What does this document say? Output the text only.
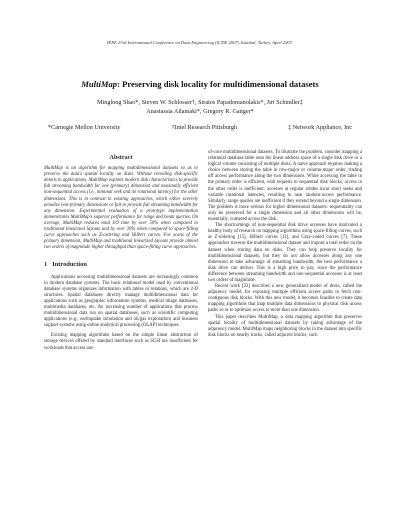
IEEE 23rd International Conference on Data Engineering (ICDE 2007) Istanbul, Turkey, April 2007.
MultiMap: Preserving disk locality for multidimensional datasets
Minglong Shao*, Steven W. Schlosser†, Stratos Papadomanolakis*, Jiri Schindler‡
Anastassia Ailamaki*, Gregory R. Ganger*
*Carnegie Mellon University	†Intel Research Pittsburgh	‡ Network Appliance, Inc
Abstract

MultiMap is an algorithm for mapping multidimensional datasets so as to preserve the data's spatial locality on disks. Without revealing disk-specific details to applications, MultiMap exploits modern disk characteristics to provide full streaming bandwidth for one (primary) dimension and maximally efficient non-sequential access (i.e., minimal seek and no rotational latency) for the other dimensions. This is in contrast to existing approaches, which either severely penalize non-primary dimensions or fail to provide full streaming bandwidth for any dimension. Experimental evaluation of a prototype implementation demonstrates MultiMap's superior performance for range and beam queries. On average, MultiMap reduces total I/O time by over 50% when compared to traditional linearized layouts and by over 30% when compared to space-filling curve approaches such as Z-ordering and Hilbert curves. For scans of the primary dimension, MultiMap and traditional linearized layouts provide almost two orders of magnitude higher throughput than space-filling curve approaches.

1 Introduction

Applications accessing multidimensional datasets are increasingly common in modern database systems. The basic relational model used by conventional database systems organizes information with tables or relations, which are 2-D structures. Spatial databases directly manage multidimensional data for applications such as geographic information systems, medical image databases, multimedia databases, etc. An increasing number of applications that process multidimensional data run on spatial databases, such as scientific computing applications (e.g., earthquake simulation and oil/gas exploration) and business support systems using online analytical processing (OLAP) techniques.

Existing mapping algorithms based on the simple linear abstraction of storage devices offered by standard interfaces such as SCSI are insufficient for workloads that access out-

of-core multidimensional datasets. To illustrate the problem, consider mapping a relational database table onto the linear address space of a single disk drive or a logical volume consisting of multiple disks. A naive approach requires making a choice between storing the table in row-major or column-major order, trading off access performance along the two dimensions. While accessing the table in the primary order is efficient, with requests to sequential disk blocks, access in the other order is inefficient: accesses at regular strides incur short seeks and variable rotational latencies, resulting in near random-access performance. Similarly, range queries are inefficient if they extend beyond a single dimension. The problem is more serious for higher dimensional datasets: sequentiality can only be preserved for a single dimension and all other dimensions will be, essentially, scattered across the disk.

The shortcomings of non-sequential disk drive accesses have motivated a healthy body of research on mapping algorithms using space-filling curves, such as Z-ordering [15], Hilbert curves [11], and Gray-coded curves [7]. These approaches traverse the multidimensional dataset and impose a total order on the dataset when storing data on disks. They can help preserve locality for multidimensional datasets, but they do not allow accesses along any one dimension to take advantage of streaming bandwidth, the best performance a disk drive can deliver. This is a high price to pay, since the performance difference between streaming bandwidth and non-sequential accesses is at least two orders of magnitude.

Recent work [22] describes a new generalized model of disks, called the adjacency model, for exposing multiple efficient access paths to fetch non-contiguous disk blocks. With this new model, it becomes feasible to create data mapping algorithms that map multiple data dimensions to physical disk access paths so as to optimize access to more than one dimension.

This paper describes MultiMap, a data mapping algorithm that preserves spatial locality of multidimensional datasets by taking advantage of the adjacency model. MultiMap maps neighboring blocks in the dataset into specific disk blocks on nearby tracks, called adjacent blocks, such
